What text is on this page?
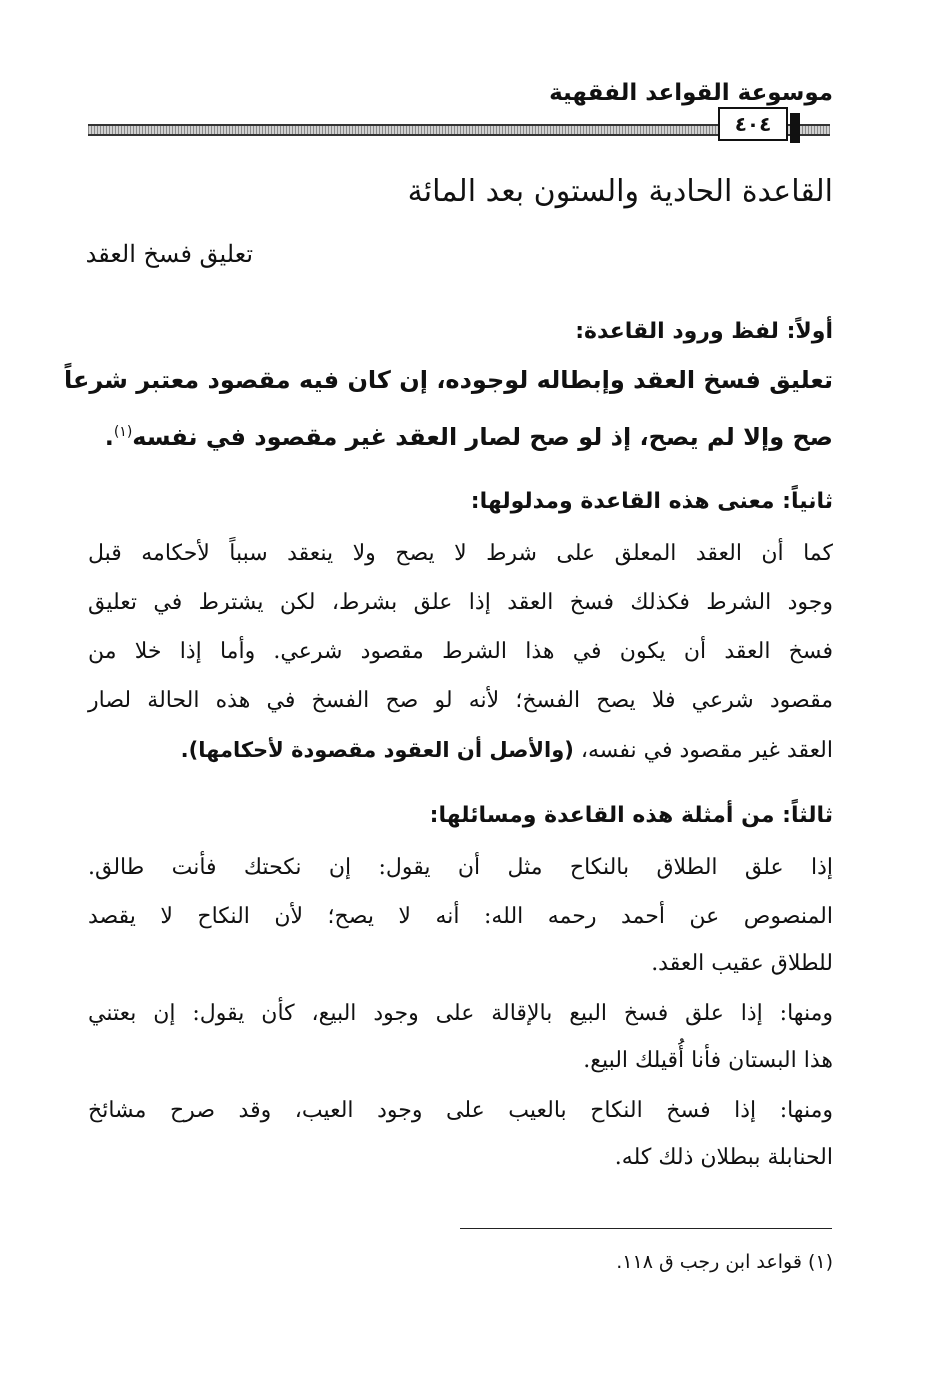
موسوعة القواعد الفقهية
٤٠٤
القاعدة الحادية والستون بعد المائة
تعليق فسخ العقد
أولاً: لفظ ورود القاعدة:
تعليق فسخ العقد وإبطاله لوجوده، إن كان فيه مقصود معتبر شرعاً
صح وإلا لم يصح، إذ لو صح لصار العقد غير مقصود في نفسه$^{(١)}$.
ثانياً: معنى هذه القاعدة ومدلولها:
كما أن العقد المعلق على شرط لا يصح ولا ينعقد سبباً لأحكامه قبل
وجود الشرط فكذلك فسخ العقد إذا علق بشرط، لكن يشترط في تعليق
فسخ العقد أن يكون في هذا الشرط مقصود شرعي. وأما إذا خلا من
مقصود شرعي فلا يصح الفسخ؛ لأنه لو صح الفسخ في هذه الحالة لصار
العقد غير مقصود في نفسه، (والأصل أن العقود مقصودة لأحكامها).
ثالثاً: من أمثلة هذه القاعدة ومسائلها:
إذا علق الطلاق بالنكاح مثل أن يقول: إن نكحتك فأنت طالق.
المنصوص عن أحمد رحمه الله: أنه لا يصح؛ لأن النكاح لا يقصد
للطلاق عقيب العقد.
ومنها: إذا علق فسخ البيع بالإقالة على وجود البيع، كأن يقول: إن بعتني
هذا البستان فأنا أُقيلك البيع.
ومنها: إذا فسخ النكاح بالعيب على وجود العيب، وقد صرح مشائخ
الحنابلة ببطلان ذلك كله.
(١) قواعد ابن رجب ق ١١٨.
